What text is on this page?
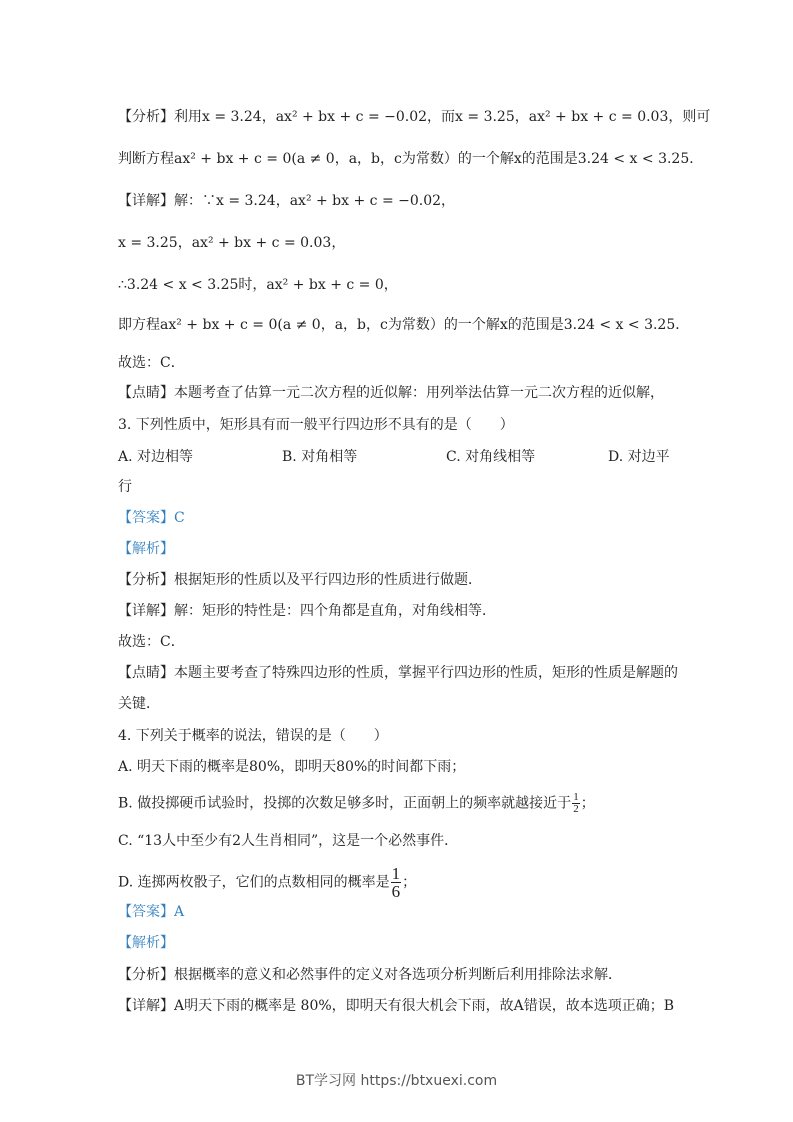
【分析】利用x = 3.24，ax² + bx + c = −0.02，而x = 3.25，ax² + bx + c = 0.03，则可
判断方程ax² + bx + c = 0(a ≠ 0，a，b，c为常数）的一个解x的范围是3.24 < x < 3.25．
【详解】解：∵x = 3.24，ax² + bx + c = −0.02，
x = 3.25，ax² + bx + c = 0.03，
∴3.24 < x < 3.25时，ax² + bx + c = 0，
即方程ax² + bx + c = 0(a ≠ 0，a，b，c为常数）的一个解x的范围是3.24 < x < 3.25．
故选：C．
【点睛】本题考查了估算一元二次方程的近似解：用列举法估算一元二次方程的近似解，
3. 下列性质中，矩形具有而一般平行四边形不具有的是（　　）
A. 对边相等	B. 对角相等	C. 对角线相等	D. 对边平
行
【答案】C
【解析】
【分析】根据矩形的性质以及平行四边形的性质进行做题．
【详解】解：矩形的特性是：四个角都是直角，对角线相等．
故选：C．
【点睛】本题主要考查了特殊四边形的性质，掌握平行四边形的性质，矩形的性质是解题的
关键．
4. 下列关于概率的说法，错误的是（　　）
A. 明天下雨的概率是80%，即明天80%的时间都下雨；
B. 做投掷硬币试验时，投掷的次数足够多时，正面朝上的频率就越接近于 $\frac{1}{2}$ ；
C. “13人中至少有2人生肖相同”，这是一个必然事件．
D. 连掷两枚骰子，它们的点数相同的概率是 $\frac{1}{6}$ ；
【答案】A
【解析】
【分析】根据概率的意义和必然事件的定义对各选项分析判断后利用排除法求解．
【详解】A明天下雨的概率是 80%，即明天有很大机会下雨，故A错误，故本选项正确；B
BT学习网 https://btxuexi.com
